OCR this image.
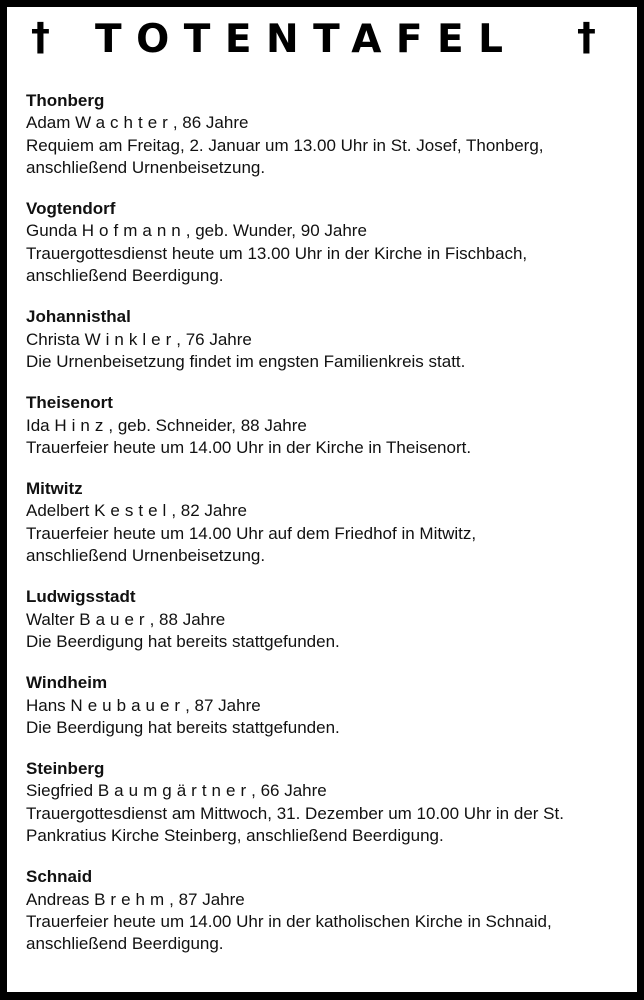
† TOTENTAFEL	†

Thonberg

Adam Wachter, 86 Jahre

Requiem am Freitag, 2. Januar um 13.00 Uhr in St. Josef, Thonberg,

anschließend Urnenbeisetzung.

Vogtendorf

Gunda Hofmann, geb. Wunder, 90 Jahre

Trauergottesdienst heute um 13.00 Uhr in der Kirche in Fischbach,

anschließend Beerdigung.

Johannisthal

Christa Winkler, 76 Jahre

Die Urnenbeisetzung findet im engsten Familienkreis statt.

Theisenort

Ida Hinz, geb. Schneider, 88 Jahre

Trauerfeier heute um 14.00 Uhr in der Kirche in Theisenort.

Mitwitz

Adelbert Kestel, 82 Jahre

Trauerfeier heute um 14.00 Uhr auf dem Friedhof in Mitwitz,

anschließend Urnenbeisetzung.

Ludwigsstadt

Walter Bauer, 88 Jahre

Die Beerdigung hat bereits stattgefunden.

Windheim

Hans Neubauer, 87 Jahre

Die Beerdigung hat bereits stattgefunden.

Steinberg

Siegfried Baumgärtner, 66 Jahre

Trauergottesdienst am Mittwoch, 31. Dezember um 10.00 Uhr in der St.

Pankratius Kirche Steinberg, anschließend Beerdigung.

Schnaid

Andreas Brehm, 87 Jahre

Trauerfeier heute um 14.00 Uhr in der katholischen Kirche in Schnaid,

anschließend Beerdigung.
